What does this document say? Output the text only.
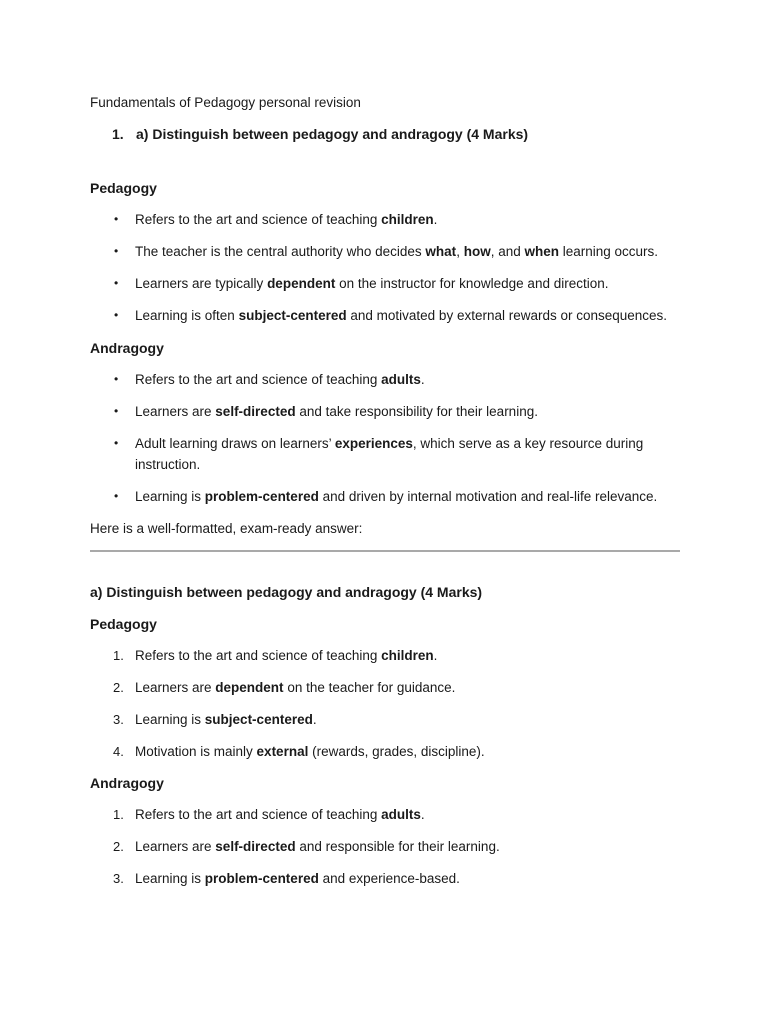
Fundamentals of Pedagogy personal revision

1. a) Distinguish between pedagogy and andragogy (4 Marks)

Pedagogy

• Refers to the art and science of teaching children.
• The teacher is the central authority who decides what, how, and when learning occurs.
• Learners are typically dependent on the instructor for knowledge and direction.
• Learning is often subject-centered and motivated by external rewards or consequences.

Andragogy

• Refers to the art and science of teaching adults.
• Learners are self-directed and take responsibility for their learning.
• Adult learning draws on learners’ experiences, which serve as a key resource during
instruction.
• Learning is problem-centered and driven by internal motivation and real-life relevance.

Here is a well-formatted, exam-ready answer:

a) Distinguish between pedagogy and andragogy (4 Marks)

Pedagogy

1. Refers to the art and science of teaching children.
2. Learners are dependent on the teacher for guidance.
3. Learning is subject-centered.
4. Motivation is mainly external (rewards, grades, discipline).

Andragogy

1. Refers to the art and science of teaching adults.
2. Learners are self-directed and responsible for their learning.
3. Learning is problem-centered and experience-based.
